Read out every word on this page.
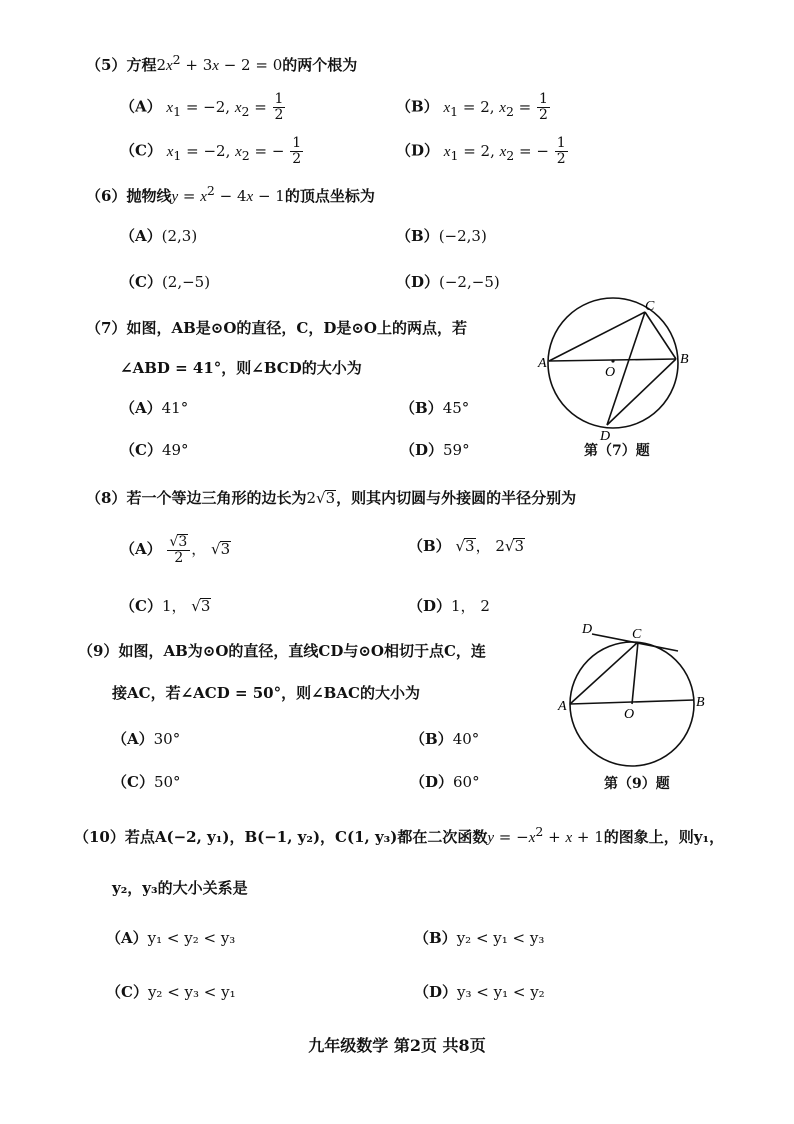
（5）方程$2x^2 + 3x - 2 = 0$的两个根为
（A） $x_1 = -2$, $x_2 = \frac{1}{2}$	（B） $x_1 = 2$, $x_2 = \frac{1}{2}$
（C） $x_1 = -2$, $x_2$ = − $\frac{1}{2}$	（D） $x_1 = 2$, $x_2$ = − $\frac{1}{2}$
（6）抛物线$y = x^2 - 4x - 1$的顶点坐标为
（A）(2,3)	（B）(−2,3)
（C）(2,−5)	（D）(−2,−5)
（7）如图，AB是⊙O的直径，C，D是⊙O上的两点，若
∠ABD = 41°，则∠BCD的大小为
（A）41°	（B）45°
（C）49°	（D）59°
A	B
C
D
O
第（7）题
（8）若一个等边三角形的边长为2√3，则其内切圆与外接圆的半径分别为
$(A) \frac{√3}{2}$ ， √3	（B） √3， 2√3
（C）1， √3	（D）1， 2
（9）如图，AB为⊙O的直径，直线CD与⊙O相切于点C，连
接AC，若∠ACD = 50°，则∠BAC的大小为
（A）30°	（B）40°
（C）50°	（D）60°
A	B
C
D
O
第（9）题
（10）若点A(−2, y₁)，B(−1, y₂)，C(1, y₃)都在二次函数$y = -x^2 + x + 1$的图象上，则y₁，
y₂，y₃的大小关系是
（A）y₁ < y₂ < y₃	（B）y₂ < y₁ < y₃
（C）y₂ < y₃ < y₁	（D）y₃ < y₁ < y₂
九年级数学 第2页 共8页
